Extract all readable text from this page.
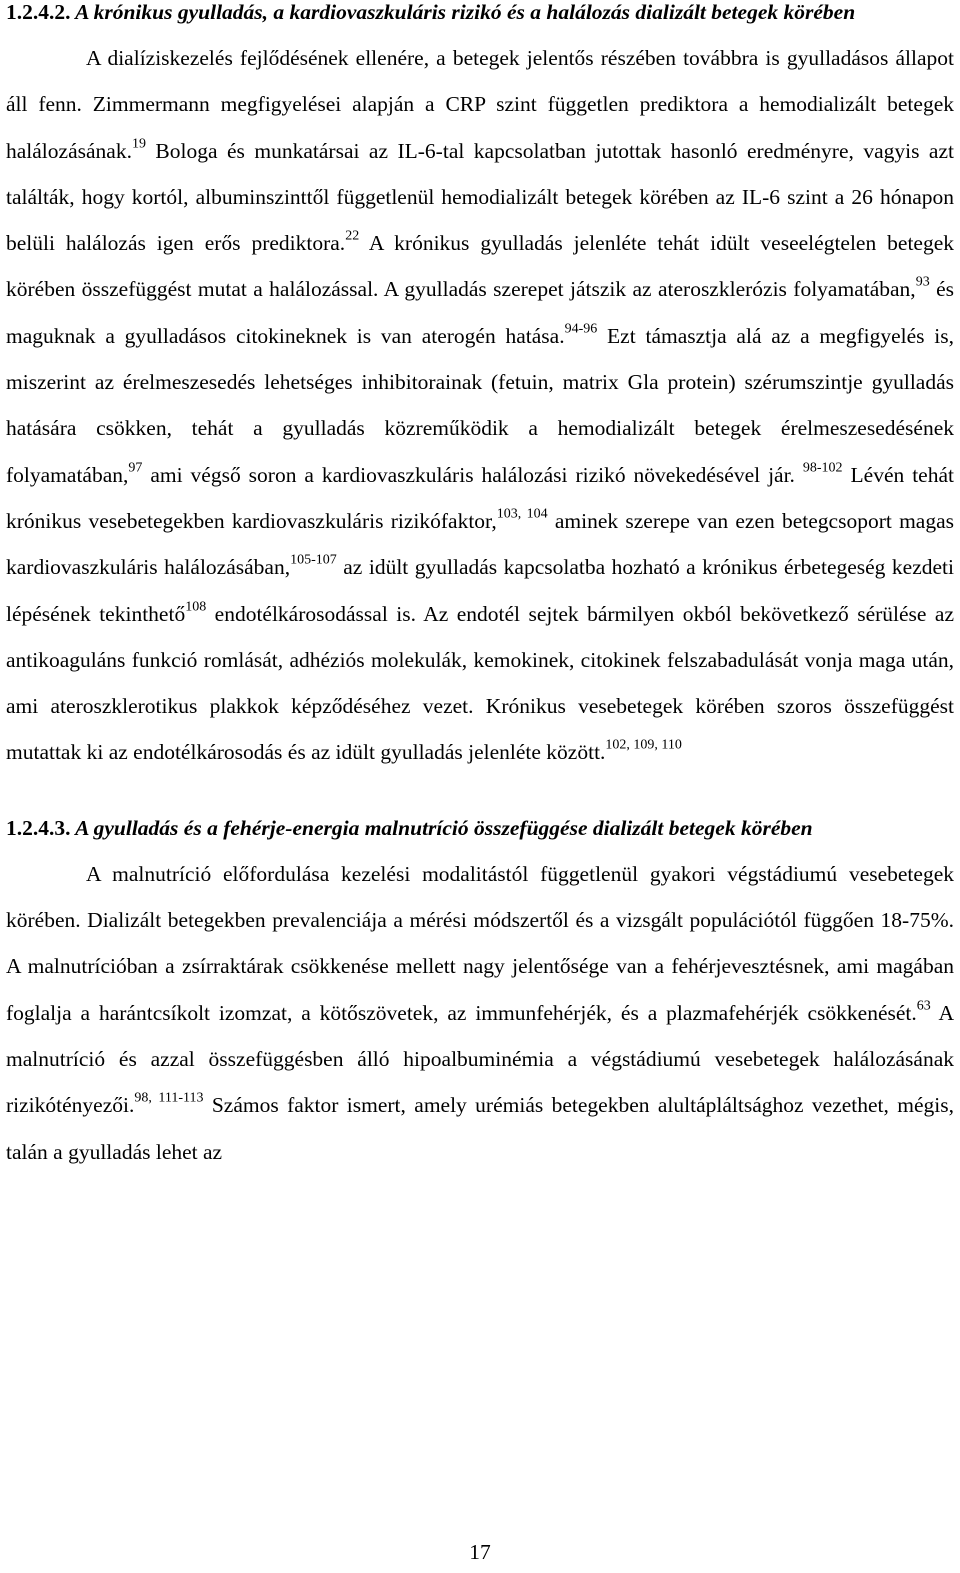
1.2.4.2. A krónikus gyulladás, a kardiovaszkuláris rizikó és a halálozás dializált betegek körében

A dialíziskezelés fejlődésének ellenére, a betegek jelentős részében továbbra is gyulladásos állapot áll fenn. Zimmermann megfigyelései alapján a CRP szint független prediktora a hemodializált betegek halálozásának.$^{19}$ Bologa és munkatársai az IL-6-tal kapcsolatban jutottak hasonló eredményre, vagyis azt találták, hogy kortól, albuminszinttől függetlenül hemodializált betegek körében az IL-6 szint a 26 hónapon belüli halálozás igen erős prediktora.$^{22}$ A krónikus gyulladás jelenléte tehát idült veseelégtelen betegek körében összefüggést mutat a halálozással. A gyulladás szerepet játszik az ateroszklerózis folyamatában,$^{93}$ és maguknak a gyulladásos citokineknek is van aterogén hatása.$^{94-96}$ Ezt támasztja alá az a megfigyelés is, miszerint az érelmeszesedés lehetséges inhibitorainak (fetuin, matrix Gla protein) szérumszintje gyulladás hatására csökken, tehát a gyulladás közreműködik a hemodializált betegek érelmeszesedésének folyamatában,$^{97}$ ami végső soron a kardiovaszkuláris halálozási rizikó növekedésével jár. $^{98-102}$ Lévén tehát krónikus vesebetegekben kardiovaszkuláris rizikófaktor,$^{103, 104}$ aminek szerepe van ezen betegcsoport magas kardiovaszkuláris halálozásában,$^{105-107}$ az idült gyulladás kapcsolatba hozható a krónikus érbetegeség kezdeti lépésének tekinthető$^{108}$ endotélkárosodással is. Az endotél sejtek bármilyen okból bekövetkező sérülése az antikoaguláns funkció romlását, adhéziós molekulák, kemokinek, citokinek felszabadulását vonja maga után, ami ateroszklerotikus plakkok képződéséhez vezet. Krónikus vesebetegek körében szoros összefüggést mutattak ki az endotélkárosodás és az idült gyulladás jelenléte között.$^{102, 109, 110}$

1.2.4.3. A gyulladás és a fehérje-energia malnutríció összefüggése dializált betegek körében

A malnutríció előfordulása kezelési modalitástól függetlenül gyakori végstádiumú vesebetegek körében. Dializált betegekben prevalenciája a mérési módszertől és a vizsgált populációtól függően 18-75%. A malnutrícióban a zsírraktárak csökkenése mellett nagy jelentősége van a fehérjevesztésnek, ami magában foglalja a harántcsíkolt izomzat, a kötőszövetek, az immunfehérjék, és a plazmafehérjék csökkenését.$^{63}$ A malnutríció és azzal összefüggésben álló hipoalbuminémia a végstádiumú vesebetegek halálozásának rizikótényezői.$^{98, 111-113}$ Számos faktor ismert, amely urémiás betegekben alultápláltsághoz vezethet, mégis, talán a gyulladás lehet az

17
